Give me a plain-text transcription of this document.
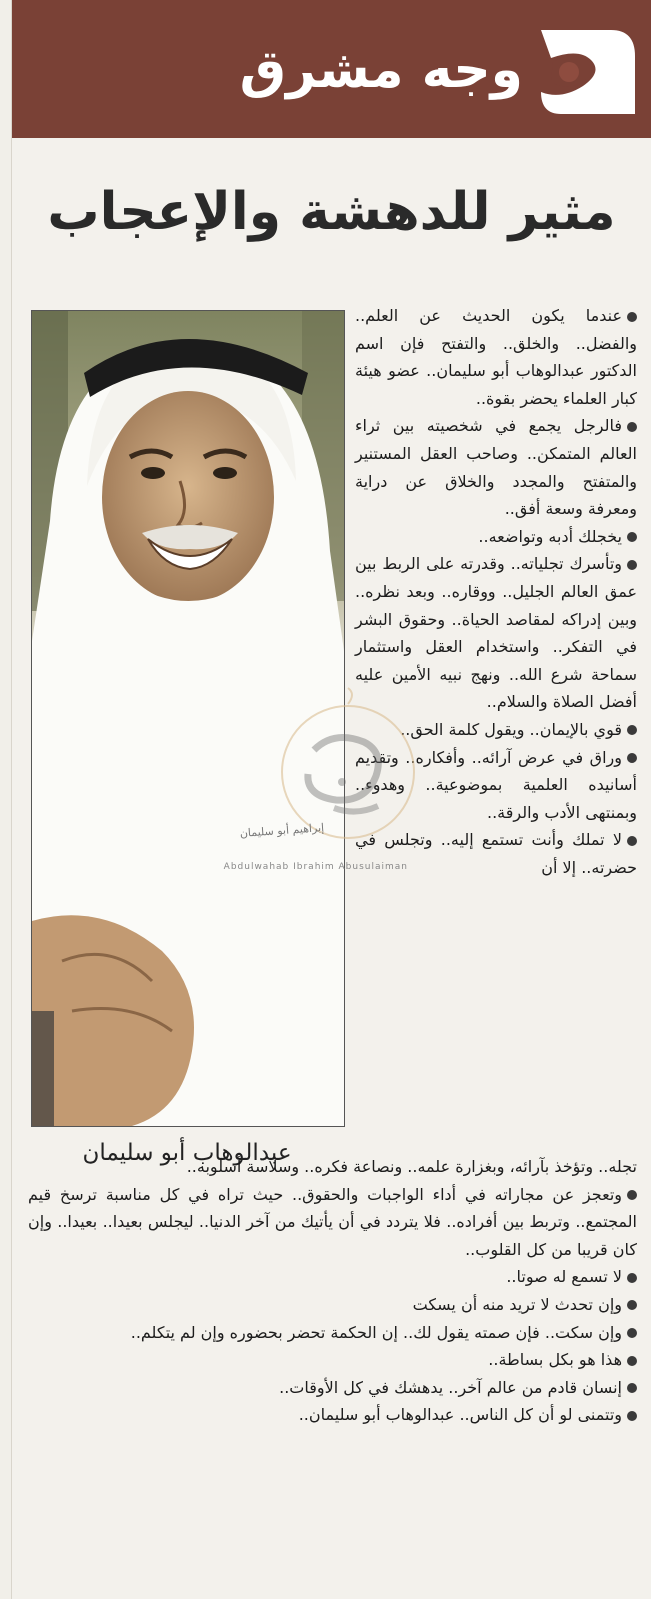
وجه مشرق
مثير للدهشة والإعجاب
عبدالوهاب أبو سليمان

عندما يكون الحديث عن العلم.. والفضل.. والخلق.. والتفتح فإن اسم الدكتور عبدالوهاب أبو سليمان.. عضو هيئة كبار العلماء يحضر بقوة..

فالرجل يجمع في شخصيته بين ثراء العالم المتمكن.. وصاحب العقل المستنير والمتفتح والمجدد والخلاق عن دراية ومعرفة وسعة أفق..

يخجلك أدبه وتواضعه..

وتأسرك تجلياته.. وقدرته على الربط بين عمق العالم الجليل.. ووقاره.. وبعد نظره.. وبين إدراكه لمقاصد الحياة.. وحقوق البشر في التفكر.. واستخدام العقل واستثمار سماحة شرع الله.. ونهج نبيه الأمين عليه أفضل الصلاة والسلام..

قوي بالإيمان.. ويقول كلمة الحق..

وراق في عرض آرائه.. وأفكاره.. وتقديم أسانيده العلمية بموضوعية.. وهدوء.. وبمنتهى الأدب والرقة..

لا تملك وأنت تستمع إليه.. وتجلس في حضرته.. إلا أن

تجله.. وتؤخذ بآرائه، وبغزارة علمه.. ونصاعة فكره.. وسلاسة أسلوبه..

وتعجز عن مجاراته في أداء الواجبات والحقوق.. حيث تراه في كل مناسبة ترسخ قيم المجتمع.. وتربط بين أفراده.. فلا يتردد في أن يأتيك من آخر الدنيا.. ليجلس بعيدا.. بعيدا.. وإن كان قريبا من كل القلوب..

لا تسمع له صوتا..

وإن تحدث لا تريد منه أن يسكت

وإن سكت.. فإن صمته يقول لك.. إن الحكمة تحضر بحضوره وإن لم يتكلم..

هذا هو بكل بساطة..

إنسان قادم من عالم آخر.. يدهشك في كل الأوقات..

وتتمنى لو أن كل الناس.. عبدالوهاب أبو سليمان..

إبراهيم أبو سليمان
Abdulwahab Ibrahim Abusulaiman
